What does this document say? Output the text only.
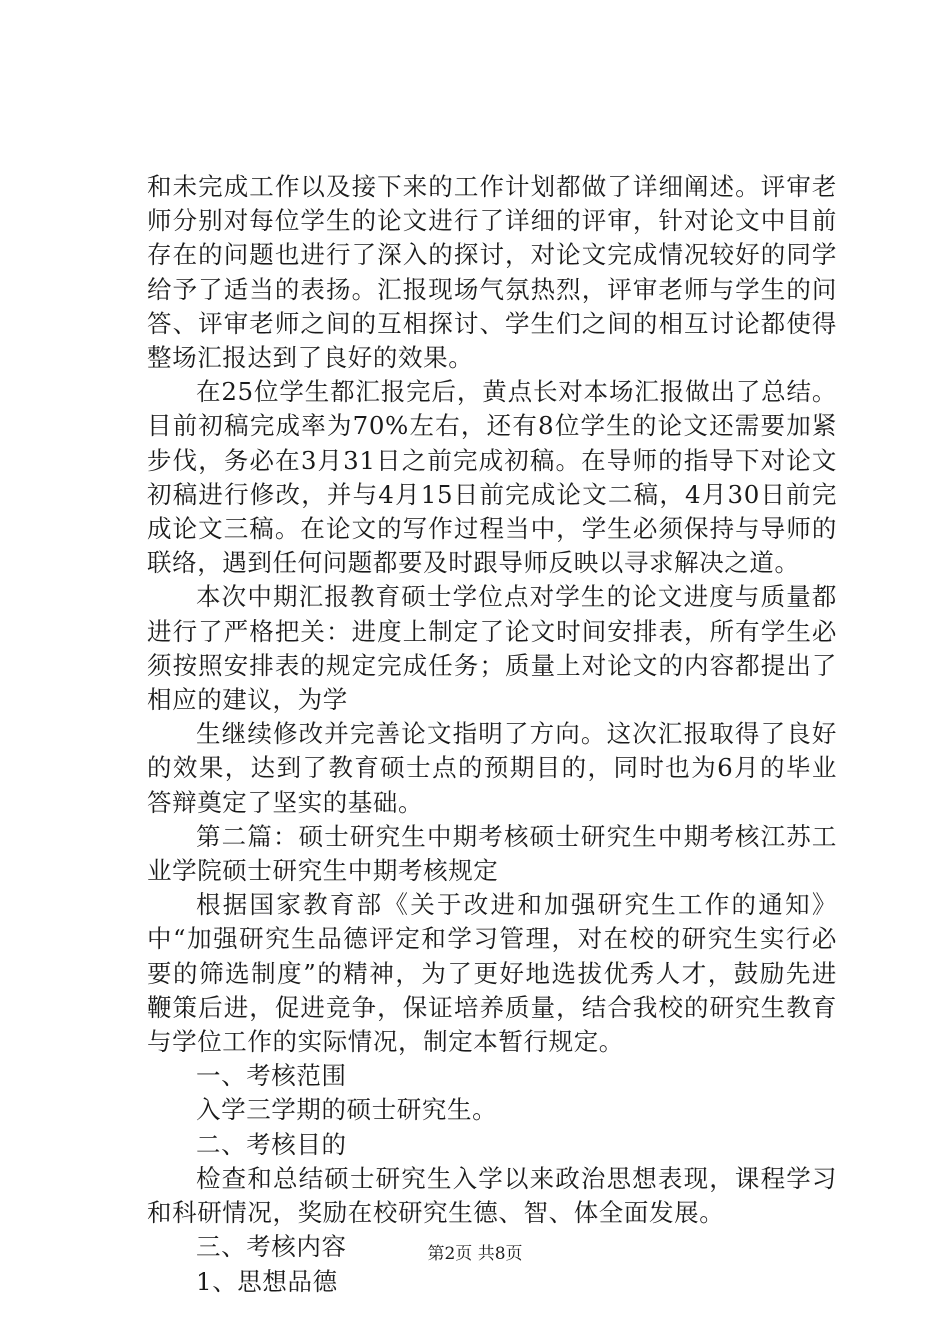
和未完成工作以及接下来的工作计划都做了详细阐述。评审老师分别对每位学生的论文进行了详细的评审，针对论文中目前存在的问题也进行了深入的探讨，对论文完成情况较好的同学给予了适当的表扬。汇报现场气氛热烈，评审老师与学生的问答、评审老师之间的互相探讨、学生们之间的相互讨论都使得整场汇报达到了良好的效果。

在25位学生都汇报完后，黄点长对本场汇报做出了总结。目前初稿完成率为70%左右，还有8位学生的论文还需要加紧步伐，务必在3月31日之前完成初稿。在导师的指导下对论文初稿进行修改，并与4月15日前完成论文二稿，4月30日前完成论文三稿。在论文的写作过程当中，学生必须保持与导师的联络，遇到任何问题都要及时跟导师反映以寻求解决之道。

本次中期汇报教育硕士学位点对学生的论文进度与质量都进行了严格把关：进度上制定了论文时间安排表，所有学生必须按照安排表的规定完成任务；质量上对论文的内容都提出了相应的建议，为学

生继续修改并完善论文指明了方向。这次汇报取得了良好的效果，达到了教育硕士点的预期目的，同时也为6月的毕业答辩奠定了坚实的基础。

第二篇：硕士研究生中期考核硕士研究生中期考核江苏工业学院硕士研究生中期考核规定

根据国家教育部《关于改进和加强研究生工作的通知》中“加强研究生品德评定和学习管理，对在校的研究生实行必要的筛选制度”的精神，为了更好地选拔优秀人才，鼓励先进鞭策后进，促进竞争，保证培养质量，结合我校的研究生教育与学位工作的实际情况，制定本暂行规定。

一、考核范围

入学三学期的硕士研究生。

二、考核目的

检查和总结硕士研究生入学以来政治思想表现，课程学习和科研情况，奖励在校研究生德、智、体全面发展。

三、考核内容

1、思想品德

第2页 共8页
